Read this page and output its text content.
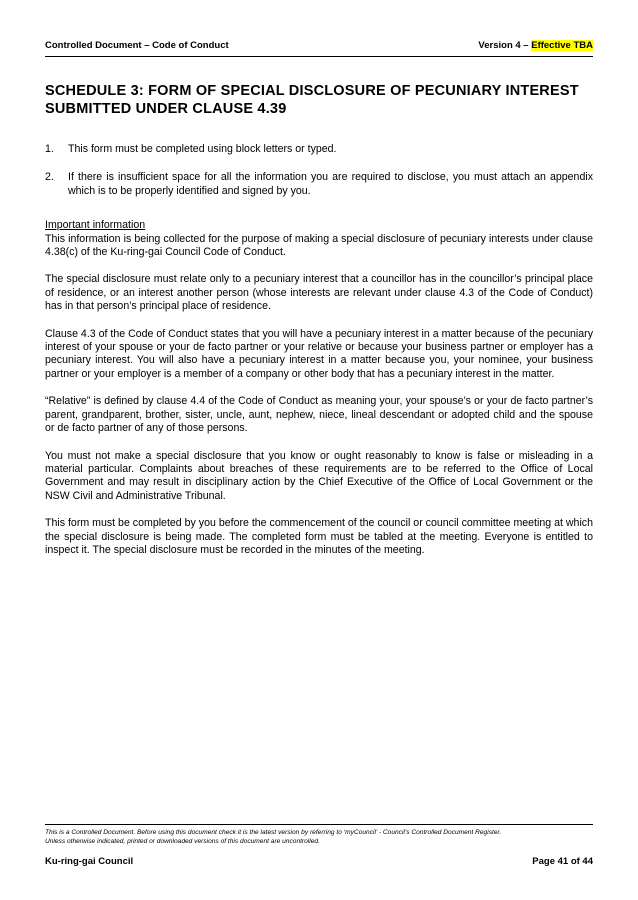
Controlled Document – Code of Conduct	Version 4 – Effective TBA
SCHEDULE 3: FORM OF SPECIAL DISCLOSURE OF PECUNIARY INTEREST SUBMITTED UNDER CLAUSE 4.39
1.	This form must be completed using block letters or typed.
2.	If there is insufficient space for all the information you are required to disclose, you must attach an appendix which is to be properly identified and signed by you.
Important information

This information is being collected for the purpose of making a special disclosure of pecuniary interests under clause 4.38(c) of the Ku-ring-gai Council Code of Conduct.

The special disclosure must relate only to a pecuniary interest that a councillor has in the councillor’s principal place of residence, or an interest another person (whose interests are relevant under clause 4.3 of the Code of Conduct) has in that person’s principal place of residence.

Clause 4.3 of the Code of Conduct states that you will have a pecuniary interest in a matter because of the pecuniary interest of your spouse or your de facto partner or your relative or because your business partner or employer has a pecuniary interest. You will also have a pecuniary interest in a matter because you, your nominee, your business partner or your employer is a member of a company or other body that has a pecuniary interest in the matter.

“Relative” is defined by clause 4.4 of the Code of Conduct as meaning your, your spouse’s or your de facto partner’s parent, grandparent, brother, sister, uncle, aunt, nephew, niece, lineal descendant or adopted child and the spouse or de facto partner of any of those persons.

You must not make a special disclosure that you know or ought reasonably to know is false or misleading in a material particular. Complaints about breaches of these requirements are to be referred to the Office of Local Government and may result in disciplinary action by the Chief Executive of the Office of Local Government or the NSW Civil and Administrative Tribunal.

This form must be completed by you before the commencement of the council or council committee meeting at which the special disclosure is being made. The completed form must be tabled at the meeting. Everyone is entitled to inspect it. The special disclosure must be recorded in the minutes of the meeting.

This is a Controlled Document. Before using this document check it is the latest version by referring to ‘myCouncil’ - Council’s Controlled Document Register.
Unless otherwise indicated, printed or downloaded versions of this document are uncontrolled.
Ku-ring-gai Council	Page 41 of 44
